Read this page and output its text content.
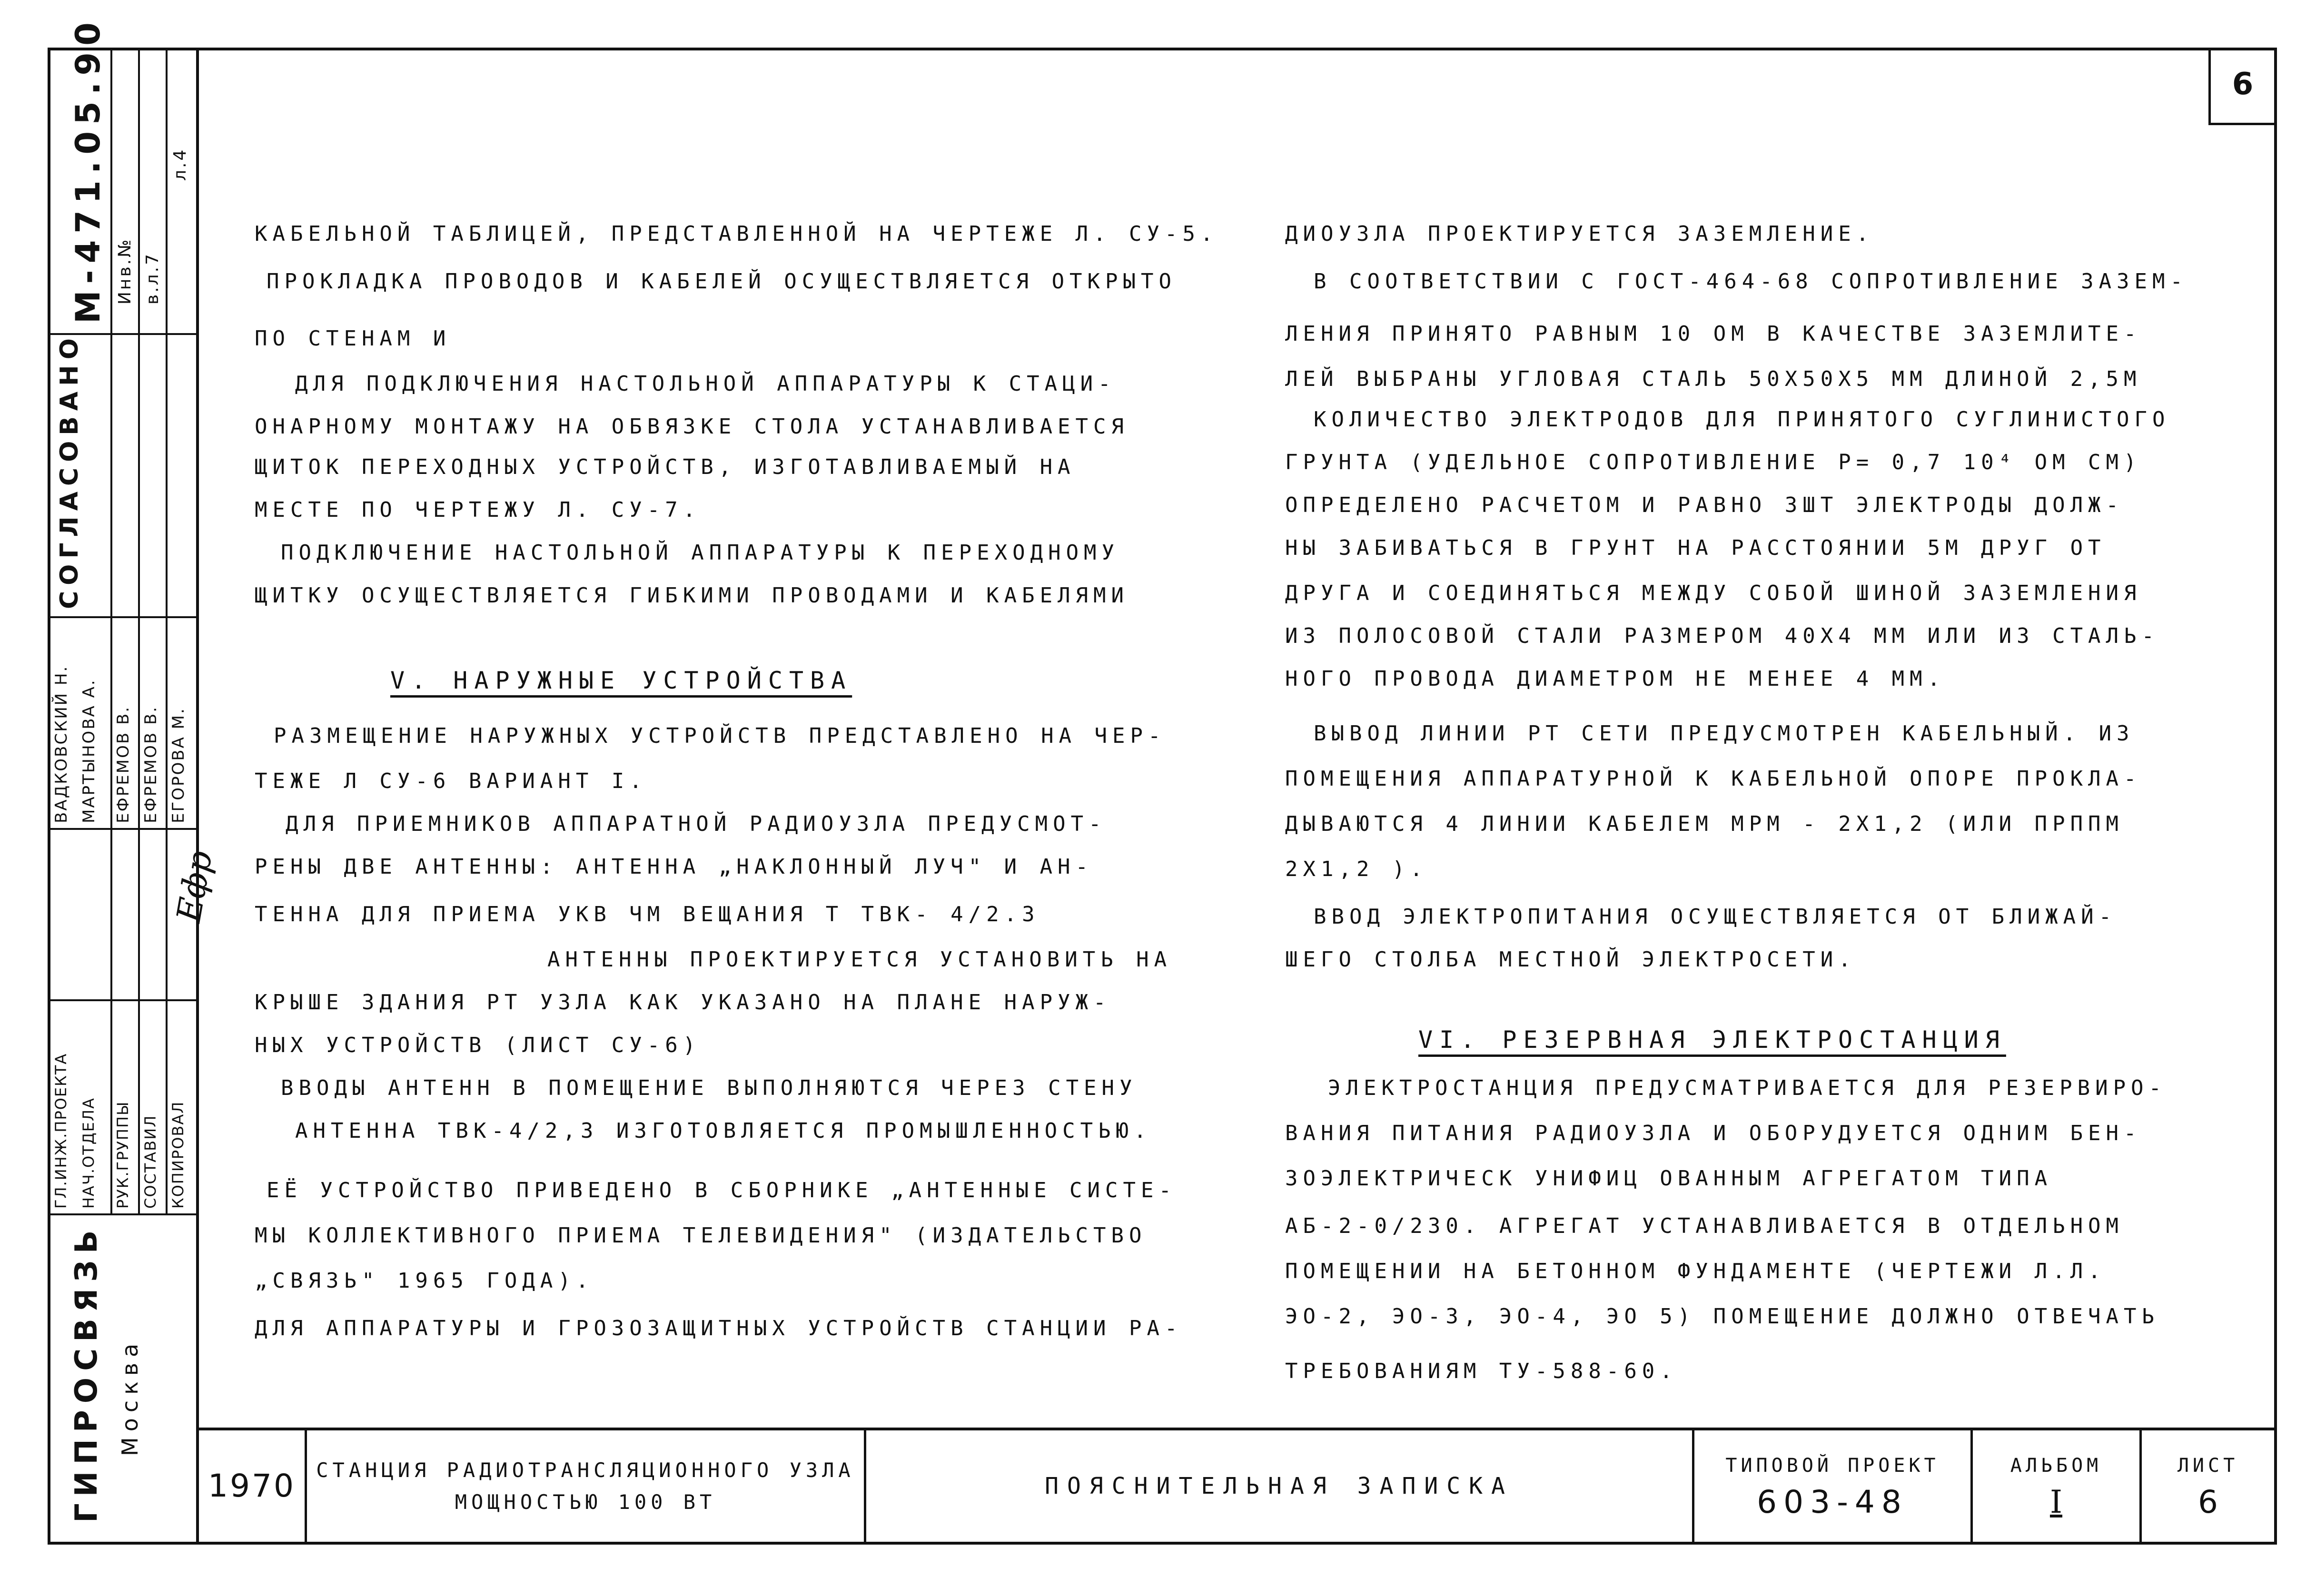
6
М-471.05.90 Инв.№ в.л.7
л.4
СОГЛАСОВАНО
ВАДКОВСКИЙ Н. МАРТЫНОВА А. ЕФРЕМОВ В. ЕФРЕМОВ В. ЕГОРОВА М.
Ефр
ГЛ.ИНЖ.ПРОЕКТА НАЧ.ОТДЕЛА РУК.ГРУППЫ СОСТАВИЛ КОПИРОВАЛ
ГИПРОСВЯЗЬ Москва
КАБЕЛЬНОЙ ТАБЛИЦЕЙ, ПРЕДСТАВЛЕННОЙ НА ЧЕРТЕЖЕ Л. СУ-5.
ПРОКЛАДКА ПРОВОДОВ И КАБЕЛЕЙ ОСУЩЕСТВЛЯЕТСЯ ОТКРЫТО
ПО СТЕНАМ И
ДЛЯ ПОДКЛЮЧЕНИЯ НАСТОЛЬНОЙ АППАРАТУРЫ К СТАЦИ-
ОНАРНОМУ МОНТАЖУ НА ОБВЯЗКЕ СТОЛА УСТАНАВЛИВАЕТСЯ
ЩИТОК ПЕРЕХОДНЫХ УСТРОЙСТВ, ИЗГОТАВЛИВАЕМЫЙ НА
МЕСТЕ ПО ЧЕРТЕЖУ Л. СУ-7.
ПОДКЛЮЧЕНИЕ НАСТОЛЬНОЙ АППАРАТУРЫ К ПЕРЕХОДНОМУ
ЩИТКУ ОСУЩЕСТВЛЯЕТСЯ ГИБКИМИ ПРОВОДАМИ И КАБЕЛЯМИ
V. НАРУЖНЫЕ УСТРОЙСТВА
РАЗМЕЩЕНИЕ НАРУЖНЫХ УСТРОЙСТВ ПРЕДСТАВЛЕНО НА ЧЕР-
ТЕЖЕ Л СУ-6 ВАРИАНТ I.
ДЛЯ ПРИЕМНИКОВ АППАРАТНОЙ РАДИОУЗЛА ПРЕДУСМОТ-
РЕНЫ ДВЕ АНТЕННЫ: АНТЕННА „НАКЛОННЫЙ ЛУЧ" И АН-
ТЕННА ДЛЯ ПРИЕМА УКВ ЧМ ВЕЩАНИЯ Т ТВК- 4/2.3
АНТЕННЫ ПРОЕКТИРУЕТСЯ УСТАНОВИТЬ НА
КРЫШЕ ЗДАНИЯ РТ УЗЛА КАК УКАЗАНО НА ПЛАНЕ НАРУЖ-
НЫХ УСТРОЙСТВ (ЛИСТ СУ-6)
ВВОДЫ АНТЕНН В ПОМЕЩЕНИЕ ВЫПОЛНЯЮТСЯ ЧЕРЕЗ СТЕНУ
АНТЕННА ТВК-4/2,3 ИЗГОТОВЛЯЕТСЯ ПРОМЫШЛЕННОСТЬЮ.
ЕЁ УСТРОЙСТВО ПРИВЕДЕНО В СБОРНИКЕ „АНТЕННЫЕ СИСТЕ-
МЫ КОЛЛЕКТИВНОГО ПРИЕМА ТЕЛЕВИДЕНИЯ" (ИЗДАТЕЛЬСТВО
„СВЯЗЬ" 1965 ГОДА).
ДЛЯ АППАРАТУРЫ И ГРОЗОЗАЩИТНЫХ УСТРОЙСТВ СТАНЦИИ РА-
ДИОУЗЛА ПРОЕКТИРУЕТСЯ ЗАЗЕМЛЕНИЕ.
В СООТВЕТСТВИИ С ГОСТ-464-68 СОПРОТИВЛЕНИЕ ЗАЗЕМ-
ЛЕНИЯ ПРИНЯТО РАВНЫМ 10 ОМ В КАЧЕСТВЕ ЗАЗЕМЛИТЕ-
ЛЕЙ ВЫБРАНЫ УГЛОВАЯ СТАЛЬ 50Х50Х5 ММ ДЛИНОЙ 2,5М
КОЛИЧЕСТВО ЭЛЕКТРОДОВ ДЛЯ ПРИНЯТОГО СУГЛИНИСТОГО
ГРУНТА (УДЕЛЬНОЕ СОПРОТИВЛЕНИЕ Ρ= 0,7 10⁴ ОМ СМ)
ОПРЕДЕЛЕНО РАСЧЕТОМ И РАВНО 3ШТ ЭЛЕКТРОДЫ ДОЛЖ-
НЫ ЗАБИВАТЬСЯ В ГРУНТ НА РАССТОЯНИИ 5М ДРУГ ОТ
ДРУГА И СОЕДИНЯТЬСЯ МЕЖДУ СОБОЙ ШИНОЙ ЗАЗЕМЛЕНИЯ
ИЗ ПОЛОСОВОЙ СТАЛИ РАЗМЕРОМ 40Х4 ММ ИЛИ ИЗ СТАЛЬ-
НОГО ПРОВОДА ДИАМЕТРОМ НЕ МЕНЕЕ 4 ММ.
ВЫВОД ЛИНИИ РТ СЕТИ ПРЕДУСМОТРЕН КАБЕЛЬНЫЙ. ИЗ
ПОМЕЩЕНИЯ АППАРАТУРНОЙ К КАБЕЛЬНОЙ ОПОРЕ ПРОКЛА-
ДЫВАЮТСЯ 4 ЛИНИИ КАБЕЛЕМ МРМ - 2Х1,2 (ИЛИ ПРППМ
2Х1,2 ).
ВВОД ЭЛЕКТРОПИТАНИЯ ОСУЩЕСТВЛЯЕТСЯ ОТ БЛИЖАЙ-
ШЕГО СТОЛБА МЕСТНОЙ ЭЛЕКТРОСЕТИ.
VI. РЕЗЕРВНАЯ ЭЛЕКТРОСТАНЦИЯ
ЭЛЕКТРОСТАНЦИЯ ПРЕДУСМАТРИВАЕТСЯ ДЛЯ РЕЗЕРВИРО-
ВАНИЯ ПИТАНИЯ РАДИОУЗЛА И ОБОРУДУЕТСЯ ОДНИМ БЕН-
ЗОЭЛЕКТРИЧЕСК УНИФИЦ ОВАННЫМ АГРЕГАТОМ ТИПА
АБ-2-0/230. АГРЕГАТ УСТАНАВЛИВАЕТСЯ В ОТДЕЛЬНОМ
ПОМЕЩЕНИИ НА БЕТОННОМ ФУНДАМЕНТЕ (ЧЕРТЕЖИ Л.Л.
ЭО-2, ЭО-3, ЭО-4, ЭО 5) ПОМЕЩЕНИЕ ДОЛЖНО ОТВЕЧАТЬ
ТРЕБОВАНИЯМ ТУ-588-60.
1970	СТАНЦИЯ РАДИОТРАНСЛЯЦИОННОГО УЗЛА
МОЩНОСТЬЮ 100 ВТ
ПОЯСНИТЕЛЬНАЯ ЗАПИСКА
ТИПОВОЙ ПРОЕКТ
603-48
АЛЬБОМ
I
ЛИСТ
6
